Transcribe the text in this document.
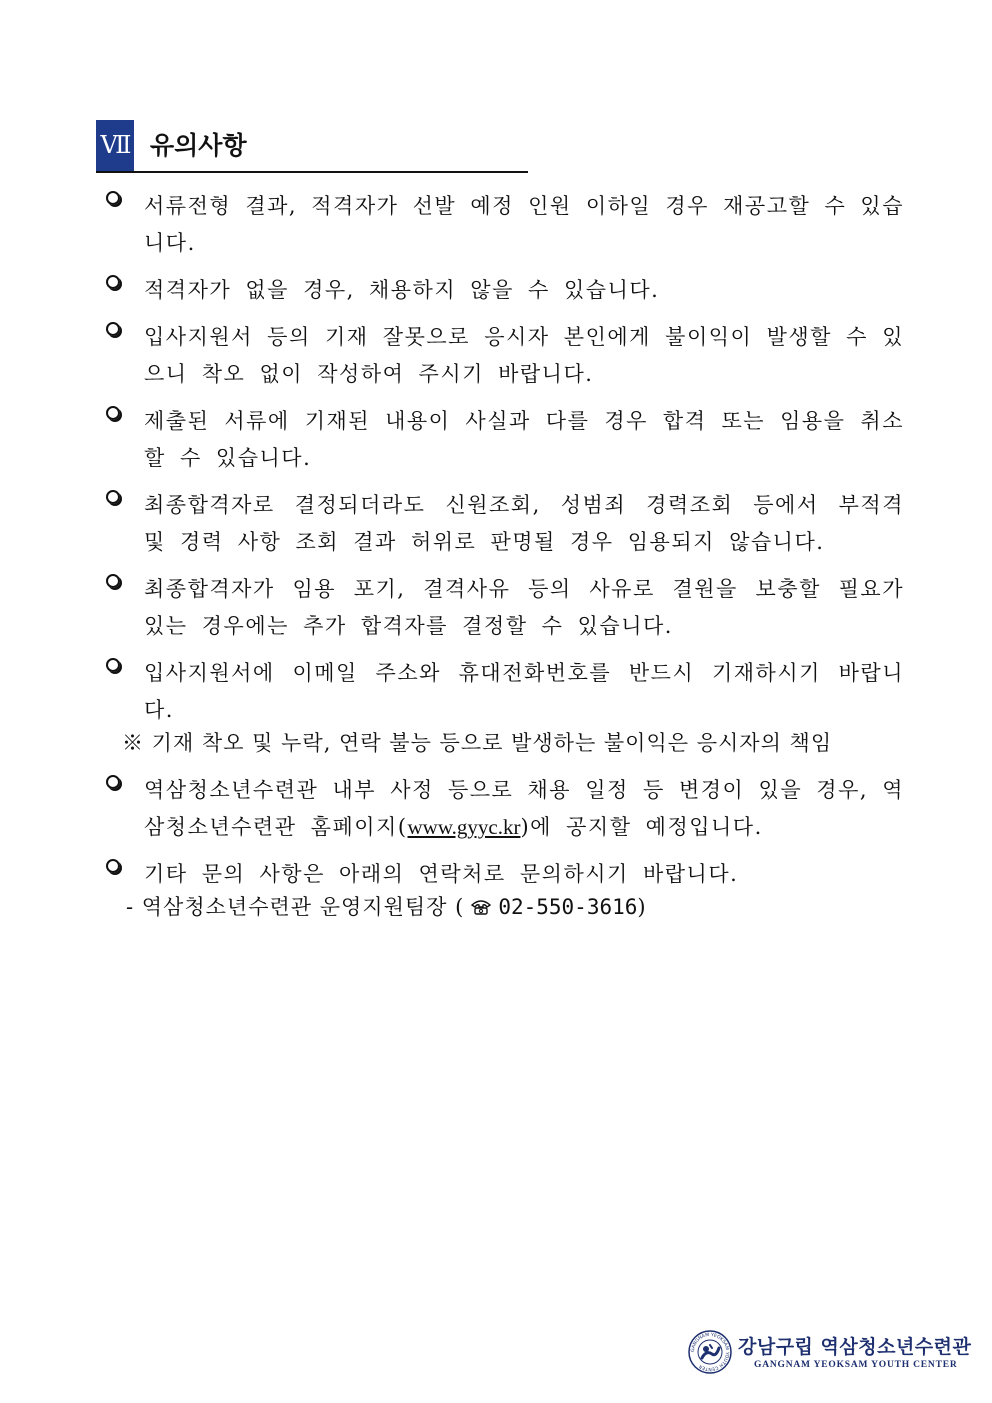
Ⅶ 유의사항
서류전형 결과, 적격자가 선발 예정 인원 이하일 경우 재공고할 수 있습니다.
적격자가 없을 경우, 채용하지 않을 수 있습니다.
입사지원서 등의 기재 잘못으로 응시자 본인에게 불이익이 발생할 수 있으니 착오 없이 작성하여 주시기 바랍니다.
제출된 서류에 기재된 내용이 사실과 다를 경우 합격 또는 임용을 취소할 수 있습니다.
최종합격자로 결정되더라도 신원조회, 성범죄 경력조회 등에서 부적격 및 경력 사항 조회 결과 허위로 판명될 경우 임용되지 않습니다.
최종합격자가 임용 포기, 결격사유 등의 사유로 결원을 보충할 필요가 있는 경우에는 추가 합격자를 결정할 수 있습니다.
입사지원서에 이메일 주소와 휴대전화번호를 반드시 기재하시기 바랍니다.
※ 기재 착오 및 누락, 연락 불능 등으로 발생하는 불이익은 응시자의 책임
역삼청소년수련관 내부 사정 등으로 채용 일정 등 변경이 있을 경우, 역삼청소년수련관 홈페이지(www.gyyc.kr)에 공지할 예정입니다.
기타 문의 사항은 아래의 연락처로 문의하시기 바랍니다.
- 역삼청소년수련관 운영지원팀장 ( 02-550-3616)
GANGNAM YEOKSAM YOUTH CENTER
강남구립 역삼청소년수련관
GANGNAM YEOKSAM YOUTH CENTER
